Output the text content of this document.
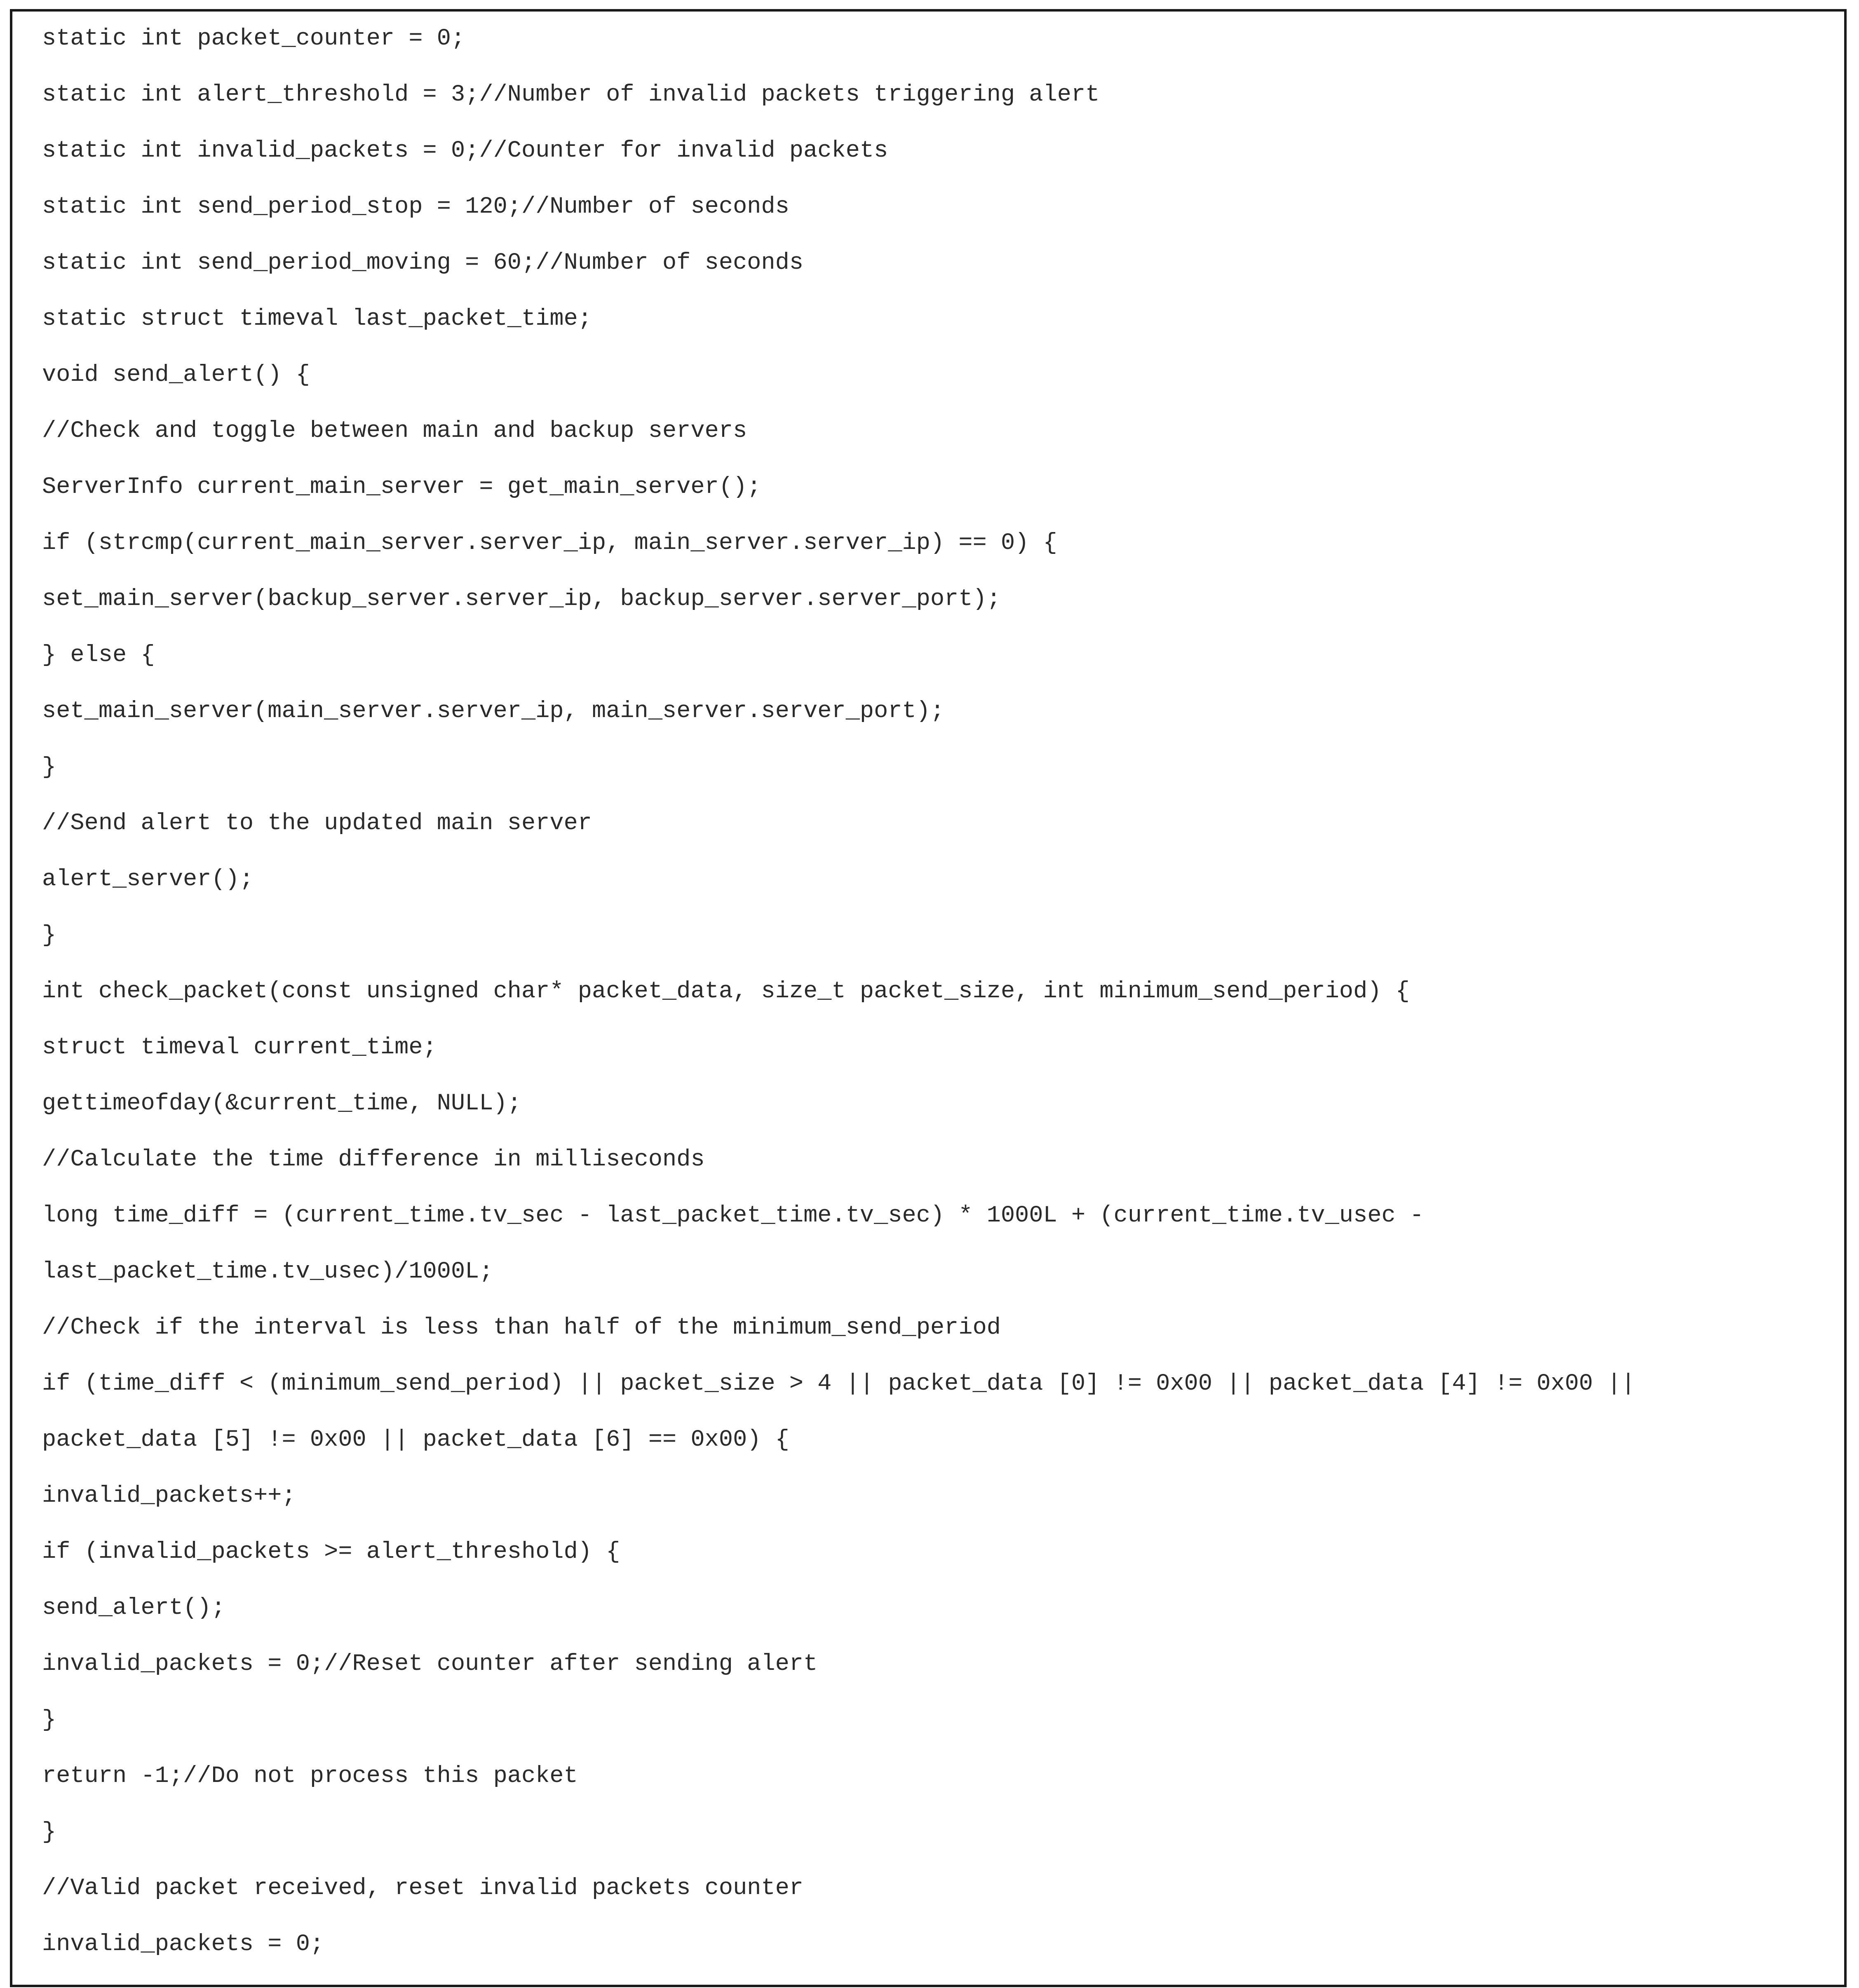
static int packet_counter = 0;
static int alert_threshold = 3;//Number of invalid packets triggering alert
static int invalid_packets = 0;//Counter for invalid packets
static int send_period_stop = 120;//Number of seconds
static int send_period_moving = 60;//Number of seconds
static struct timeval last_packet_time;
void send_alert() {
//Check and toggle between main and backup servers
ServerInfo current_main_server = get_main_server();
if (strcmp(current_main_server.server_ip, main_server.server_ip) == 0) {
set_main_server(backup_server.server_ip, backup_server.server_port);
} else {
set_main_server(main_server.server_ip, main_server.server_port);
}
//Send alert to the updated main server
alert_server();
}
int check_packet(const unsigned char* packet_data, size_t packet_size, int minimum_send_period) {
struct timeval current_time;
gettimeofday(&current_time, NULL);
//Calculate the time difference in milliseconds
long time_diff = (current_time.tv_sec - last_packet_time.tv_sec) * 1000L + (current_time.tv_usec -
last_packet_time.tv_usec)/1000L;
//Check if the interval is less than half of the minimum_send_period
if (time_diff < (minimum_send_period) || packet_size > 4 || packet_data [0] != 0x00 || packet_data [4] != 0x00 ||
packet_data [5] != 0x00 || packet_data [6] == 0x00) {
invalid_packets++;
if (invalid_packets >= alert_threshold) {
send_alert();
invalid_packets = 0;//Reset counter after sending alert
}
return -1;//Do not process this packet
}
//Valid packet received, reset invalid packets counter
invalid_packets = 0;
